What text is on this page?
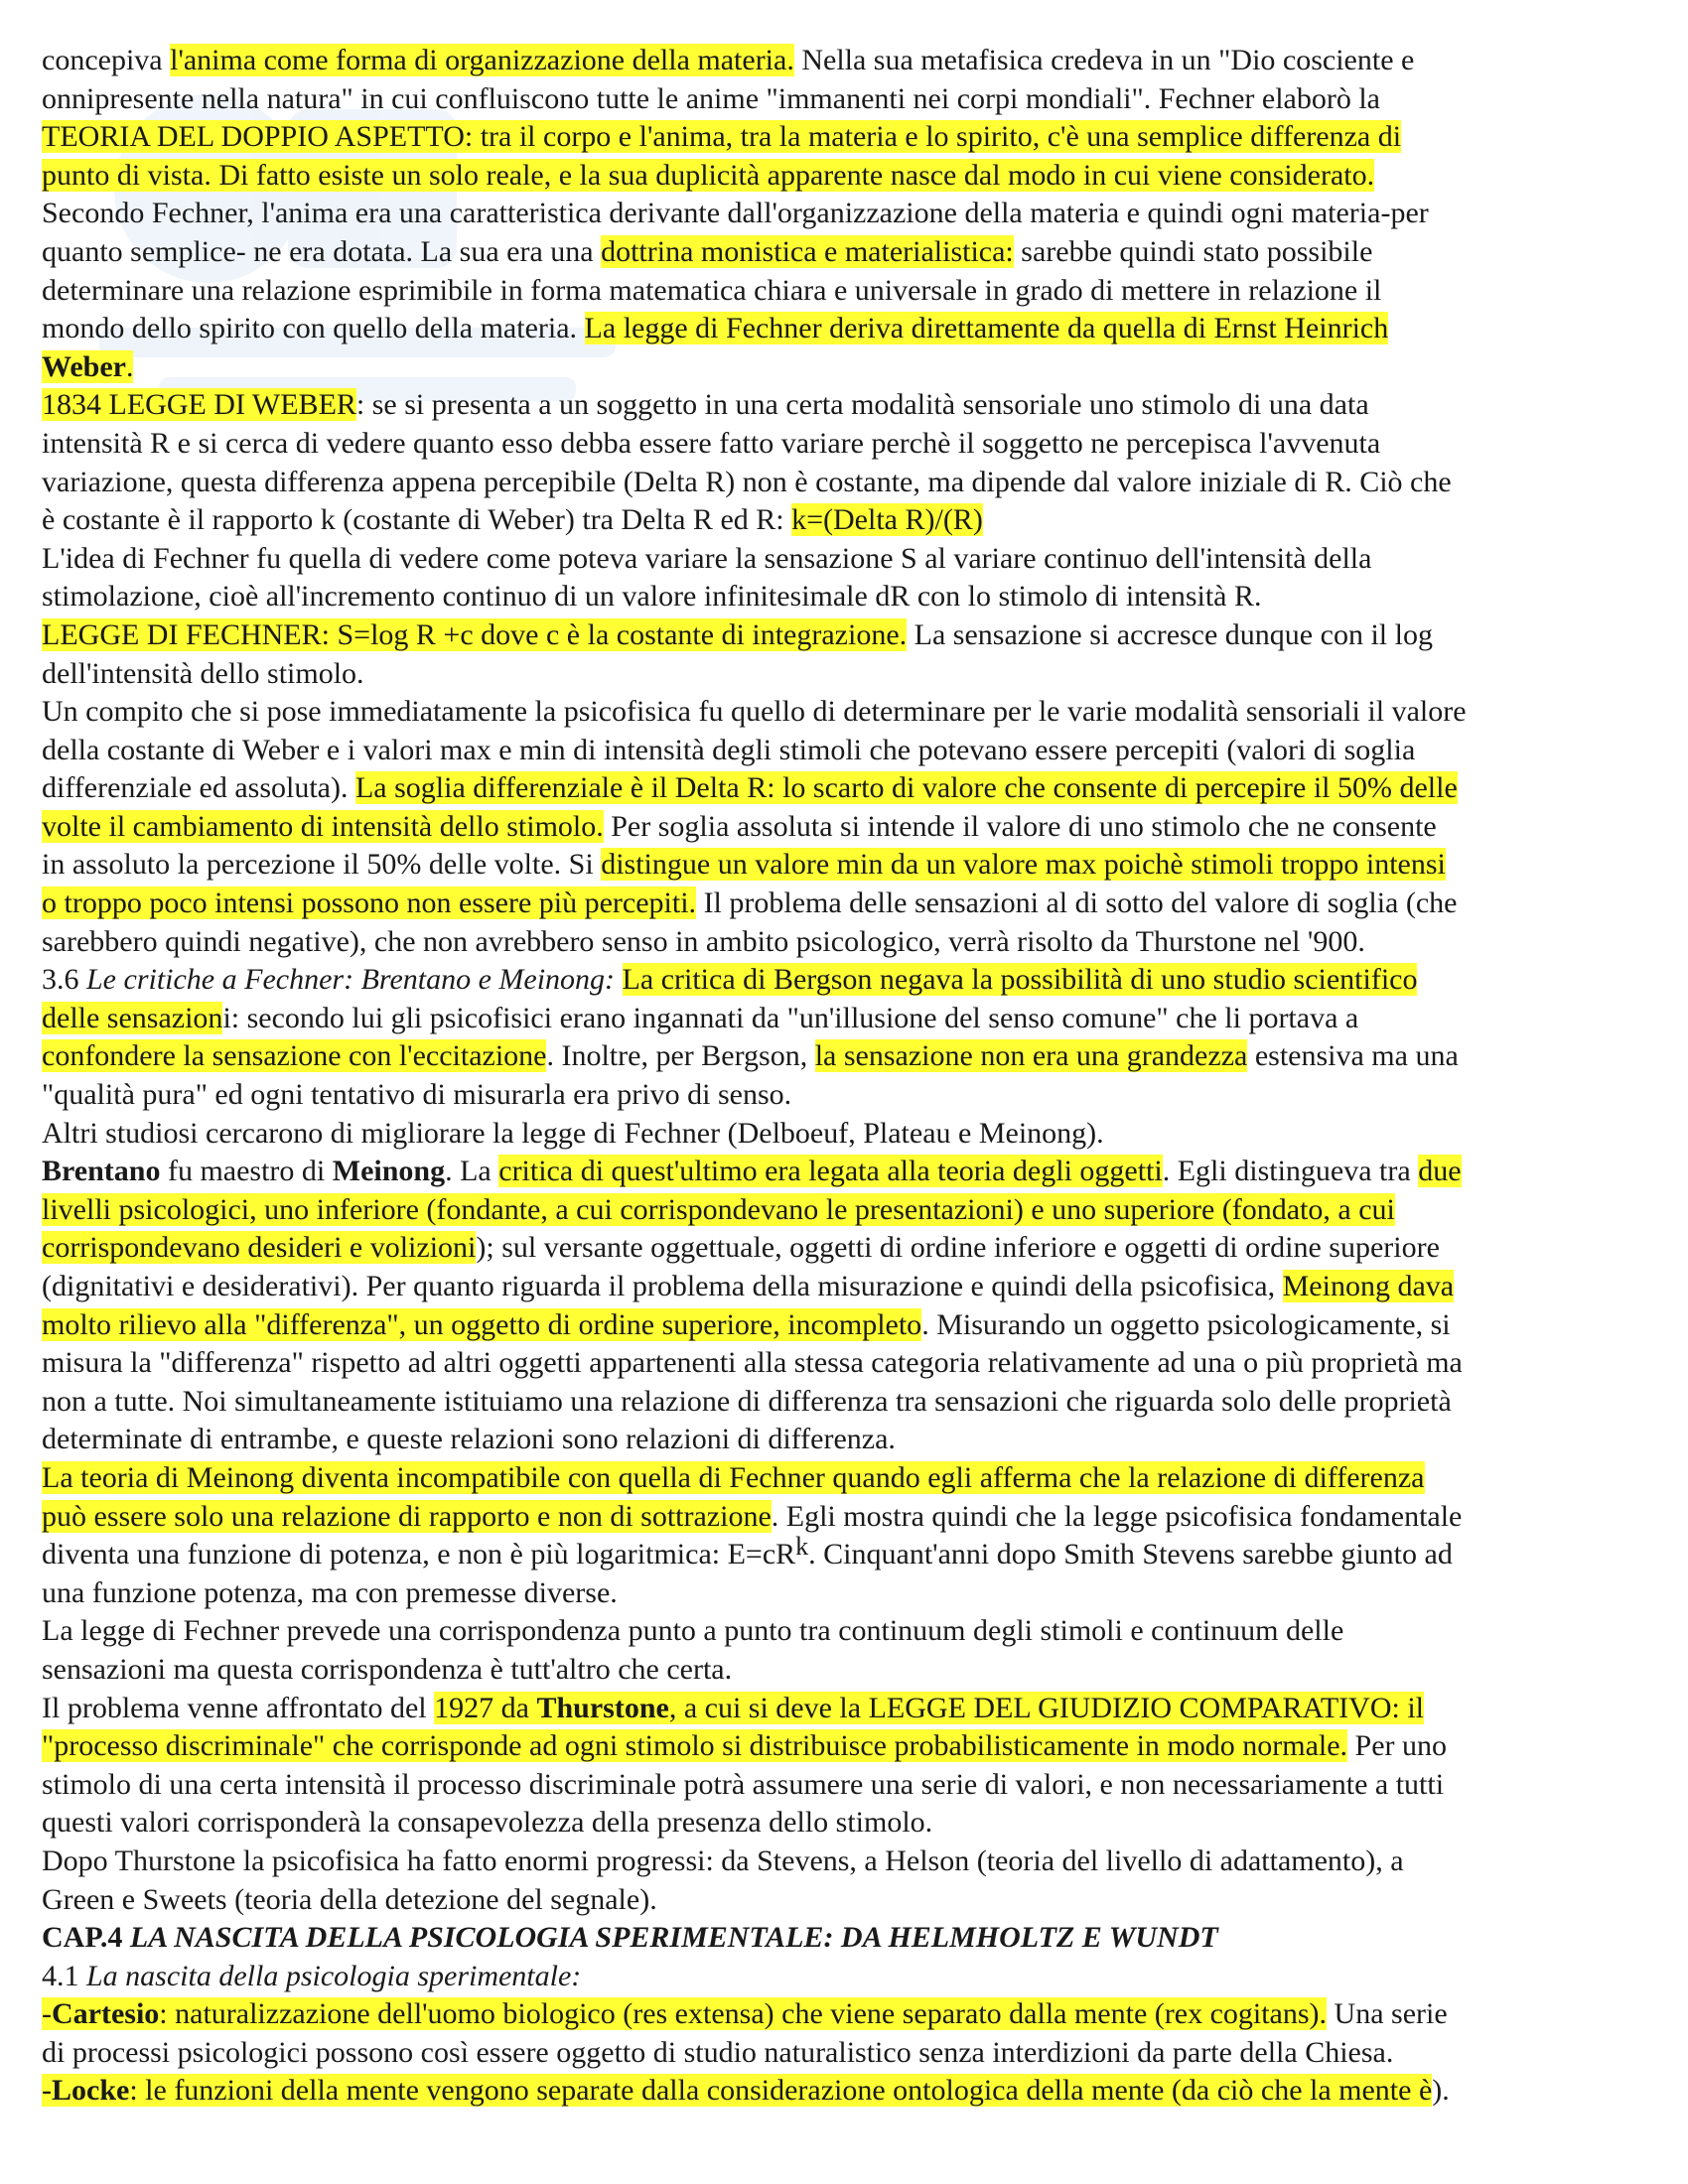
concepiva l'anima come forma di organizzazione della materia. Nella sua metafisica credeva in un "Dio cosciente e
onnipresente nella natura" in cui confluiscono tutte le anime "immanenti nei corpi mondiali". Fechner elaborò la
TEORIA DEL DOPPIO ASPETTO: tra il corpo e l'anima, tra la materia e lo spirito, c'è una semplice differenza di
punto di vista. Di fatto esiste un solo reale, e la sua duplicità apparente nasce dal modo in cui viene considerato.
Secondo Fechner, l'anima era una caratteristica derivante dall'organizzazione della materia e quindi ogni materia-per
quanto semplice- ne era dotata. La sua era una dottrina monistica e materialistica: sarebbe quindi stato possibile
determinare una relazione esprimibile in forma matematica chiara e universale in grado di mettere in relazione il
mondo dello spirito con quello della materia. La legge di Fechner deriva direttamente da quella di Ernst Heinrich
Weber.
1834 LEGGE DI WEBER: se si presenta a un soggetto in una certa modalità sensoriale uno stimolo di una data
intensità R e si cerca di vedere quanto esso debba essere fatto variare perchè il soggetto ne percepisca l'avvenuta
variazione, questa differenza appena percepibile (Delta R) non è costante, ma dipende dal valore iniziale di R. Ciò che
è costante è il rapporto k (costante di Weber) tra Delta R ed R: k=(Delta R)/(R)
L'idea di Fechner fu quella di vedere come poteva variare la sensazione S al variare continuo dell'intensità della
stimolazione, cioè all'incremento continuo di un valore infinitesimale dR con lo stimolo di intensità R.
LEGGE DI FECHNER: S=log R +c dove c è la costante di integrazione. La sensazione si accresce dunque con il log
dell'intensità dello stimolo.
Un compito che si pose immediatamente la psicofisica fu quello di determinare per le varie modalità sensoriali il valore
della costante di Weber e i valori max e min di intensità degli stimoli che potevano essere percepiti (valori di soglia
differenziale ed assoluta). La soglia differenziale è il Delta R: lo scarto di valore che consente di percepire il 50% delle
volte il cambiamento di intensità dello stimolo. Per soglia assoluta si intende il valore di uno stimolo che ne consente
in assoluto la percezione il 50% delle volte. Si distingue un valore min da un valore max poichè stimoli troppo intensi
o troppo poco intensi possono non essere più percepiti. Il problema delle sensazioni al di sotto del valore di soglia (che
sarebbero quindi negative), che non avrebbero senso in ambito psicologico, verrà risolto da Thurstone nel '900.
3.6 Le critiche a Fechner: Brentano e Meinong: La critica di Bergson negava la possibilità di uno studio scientifico
delle sensazioni: secondo lui gli psicofisici erano ingannati da "un'illusione del senso comune" che li portava a
confondere la sensazione con l'eccitazione. Inoltre, per Bergson, la sensazione non era una grandezza estensiva ma una
"qualità pura" ed ogni tentativo di misurarla era privo di senso.
Altri studiosi cercarono di migliorare la legge di Fechner (Delboeuf, Plateau e Meinong).
Brentano fu maestro di Meinong. La critica di quest'ultimo era legata alla teoria degli oggetti. Egli distingueva tra due
livelli psicologici, uno inferiore (fondante, a cui corrispondevano le presentazioni) e uno superiore (fondato, a cui
corrispondevano desideri e volizioni); sul versante oggettuale, oggetti di ordine inferiore e oggetti di ordine superiore
(dignitativi e desiderativi). Per quanto riguarda il problema della misurazione e quindi della psicofisica, Meinong dava
molto rilievo alla "differenza", un oggetto di ordine superiore, incompleto. Misurando un oggetto psicologicamente, si
misura la "differenza" rispetto ad altri oggetti appartenenti alla stessa categoria relativamente ad una o più proprietà ma
non a tutte. Noi simultaneamente istituiamo una relazione di differenza tra sensazioni che riguarda solo delle proprietà
determinate di entrambe, e queste relazioni sono relazioni di differenza.
La teoria di Meinong diventa incompatibile con quella di Fechner quando egli afferma che la relazione di differenza
può essere solo una relazione di rapporto e non di sottrazione. Egli mostra quindi che la legge psicofisica fondamentale
diventa una funzione di potenza, e non è più logaritmica: $E=cR^k$. Cinquant'anni dopo Smith Stevens sarebbe giunto ad
una funzione potenza, ma con premesse diverse.
La legge di Fechner prevede una corrispondenza punto a punto tra continuum degli stimoli e continuum delle
sensazioni ma questa corrispondenza è tutt'altro che certa.
Il problema venne affrontato del 1927 da Thurstone, a cui si deve la LEGGE DEL GIUDIZIO COMPARATIVO: il
"processo discriminale" che corrisponde ad ogni stimolo si distribuisce probabilisticamente in modo normale. Per uno
stimolo di una certa intensità il processo discriminale potrà assumere una serie di valori, e non necessariamente a tutti
questi valori corrisponderà la consapevolezza della presenza dello stimolo.
Dopo Thurstone la psicofisica ha fatto enormi progressi: da Stevens, a Helson (teoria del livello di adattamento), a
Green e Sweets (teoria della detezione del segnale).
CAP.4 LA NASCITA DELLA PSICOLOGIA SPERIMENTALE: DA HELMHOLTZ E WUNDT
4.1 La nascita della psicologia sperimentale:
-Cartesio: naturalizzazione dell'uomo biologico (res extensa) che viene separato dalla mente (rex cogitans). Una serie
di processi psicologici possono così essere oggetto di studio naturalistico senza interdizioni da parte della Chiesa.
-Locke: le funzioni della mente vengono separate dalla considerazione ontologica della mente (da ciò che la mente è).
